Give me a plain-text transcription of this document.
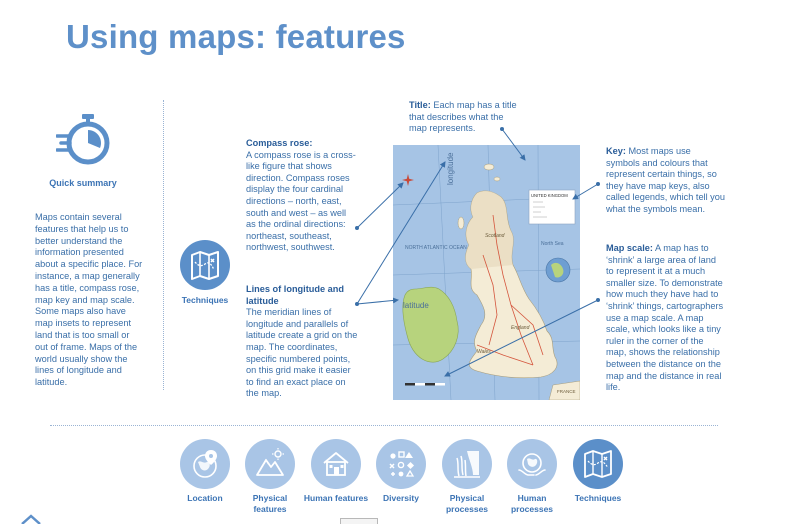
Using maps: features
Quick summary
Maps contain several features that help us to better understand the information presented about a specific place. For instance, a map generally has a title, compass rose, map key and map scale. Some maps also have map insets to represent land that is too small or out of frame. Maps of the world usually show the lines of longitude and latitude.
Techniques
Title: Each map has a title that describes what the map represents.
Compass rose:
A compass rose is a cross-like figure that shows direction. Compass roses display the four cardinal directions – north, east, south and west – as well as the ordinal directions: northeast, southeast, northwest, southwest.
Lines of longitude and latitude
The meridian lines of longitude and parallels of latitude create a grid on the map. The coordinates, specific numbered points, on this grid make it easier to find an exact place on the map.
Key: Most maps use symbols and colours that represent certain things, so they have map keys, also called legends, which tell you what the symbols mean.
Map scale: A map has to ‘shrink’ a large area of land to represent it at a much smaller size. To demonstrate how much they have had to ‘shrink’ things, cartographers use a map scale. A map scale, which looks like a tiny ruler in the corner of the map, shows the relationship between the distance on the map and the distance in real life.
UNITED KINGDOM
longitude
latitude
NORTH ATLANTIC OCEAN
North Sea
Scotland
England
Wales
FRANCE
Location	Physical features
Human features	Diversity	Physical processes
Human processes
Techniques
